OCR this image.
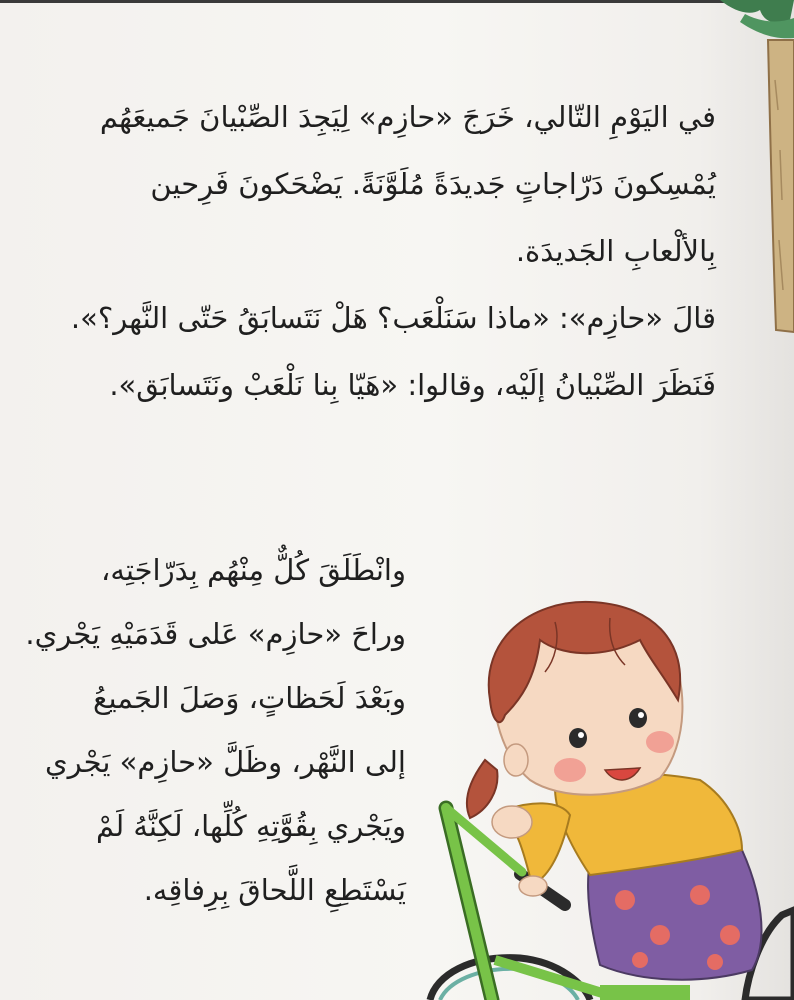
في اليَوْمِ التّالي، خَرَجَ «حازِم» لِيَجِدَ الصِّبْيانَ جَميعَهُم

يُمْسِكونَ دَرّاجاتٍ جَديدَةً مُلَوَّنَةً. يَضْحَكونَ فَرِحين

بِالألْعابِ الجَديدَة.

قالَ «حازِم»: «ماذا سَنَلْعَب؟ هَلْ نَتَسابَقُ حَتّى النَّهر؟».

فَنَظَرَ الصِّبْيانُ إلَيْه، وقالوا: «هَيّا بِنا نَلْعَبْ ونَتَسابَق».

وانْطَلَقَ كُلٌّ مِنْهُم بِدَرّاجَتِه،

وراحَ «حازِم» عَلى قَدَمَيْهِ يَجْري.

وبَعْدَ لَحَظاتٍ، وَصَلَ الجَميعُ

إلى النَّهْر، وظَلَّ «حازِم» يَجْري

ويَجْري بِقُوَّتِهِ كُلِّها، لَكِنَّهُ لَمْ

يَسْتَطِعِ اللَّحاقَ بِرِفاقِه.
